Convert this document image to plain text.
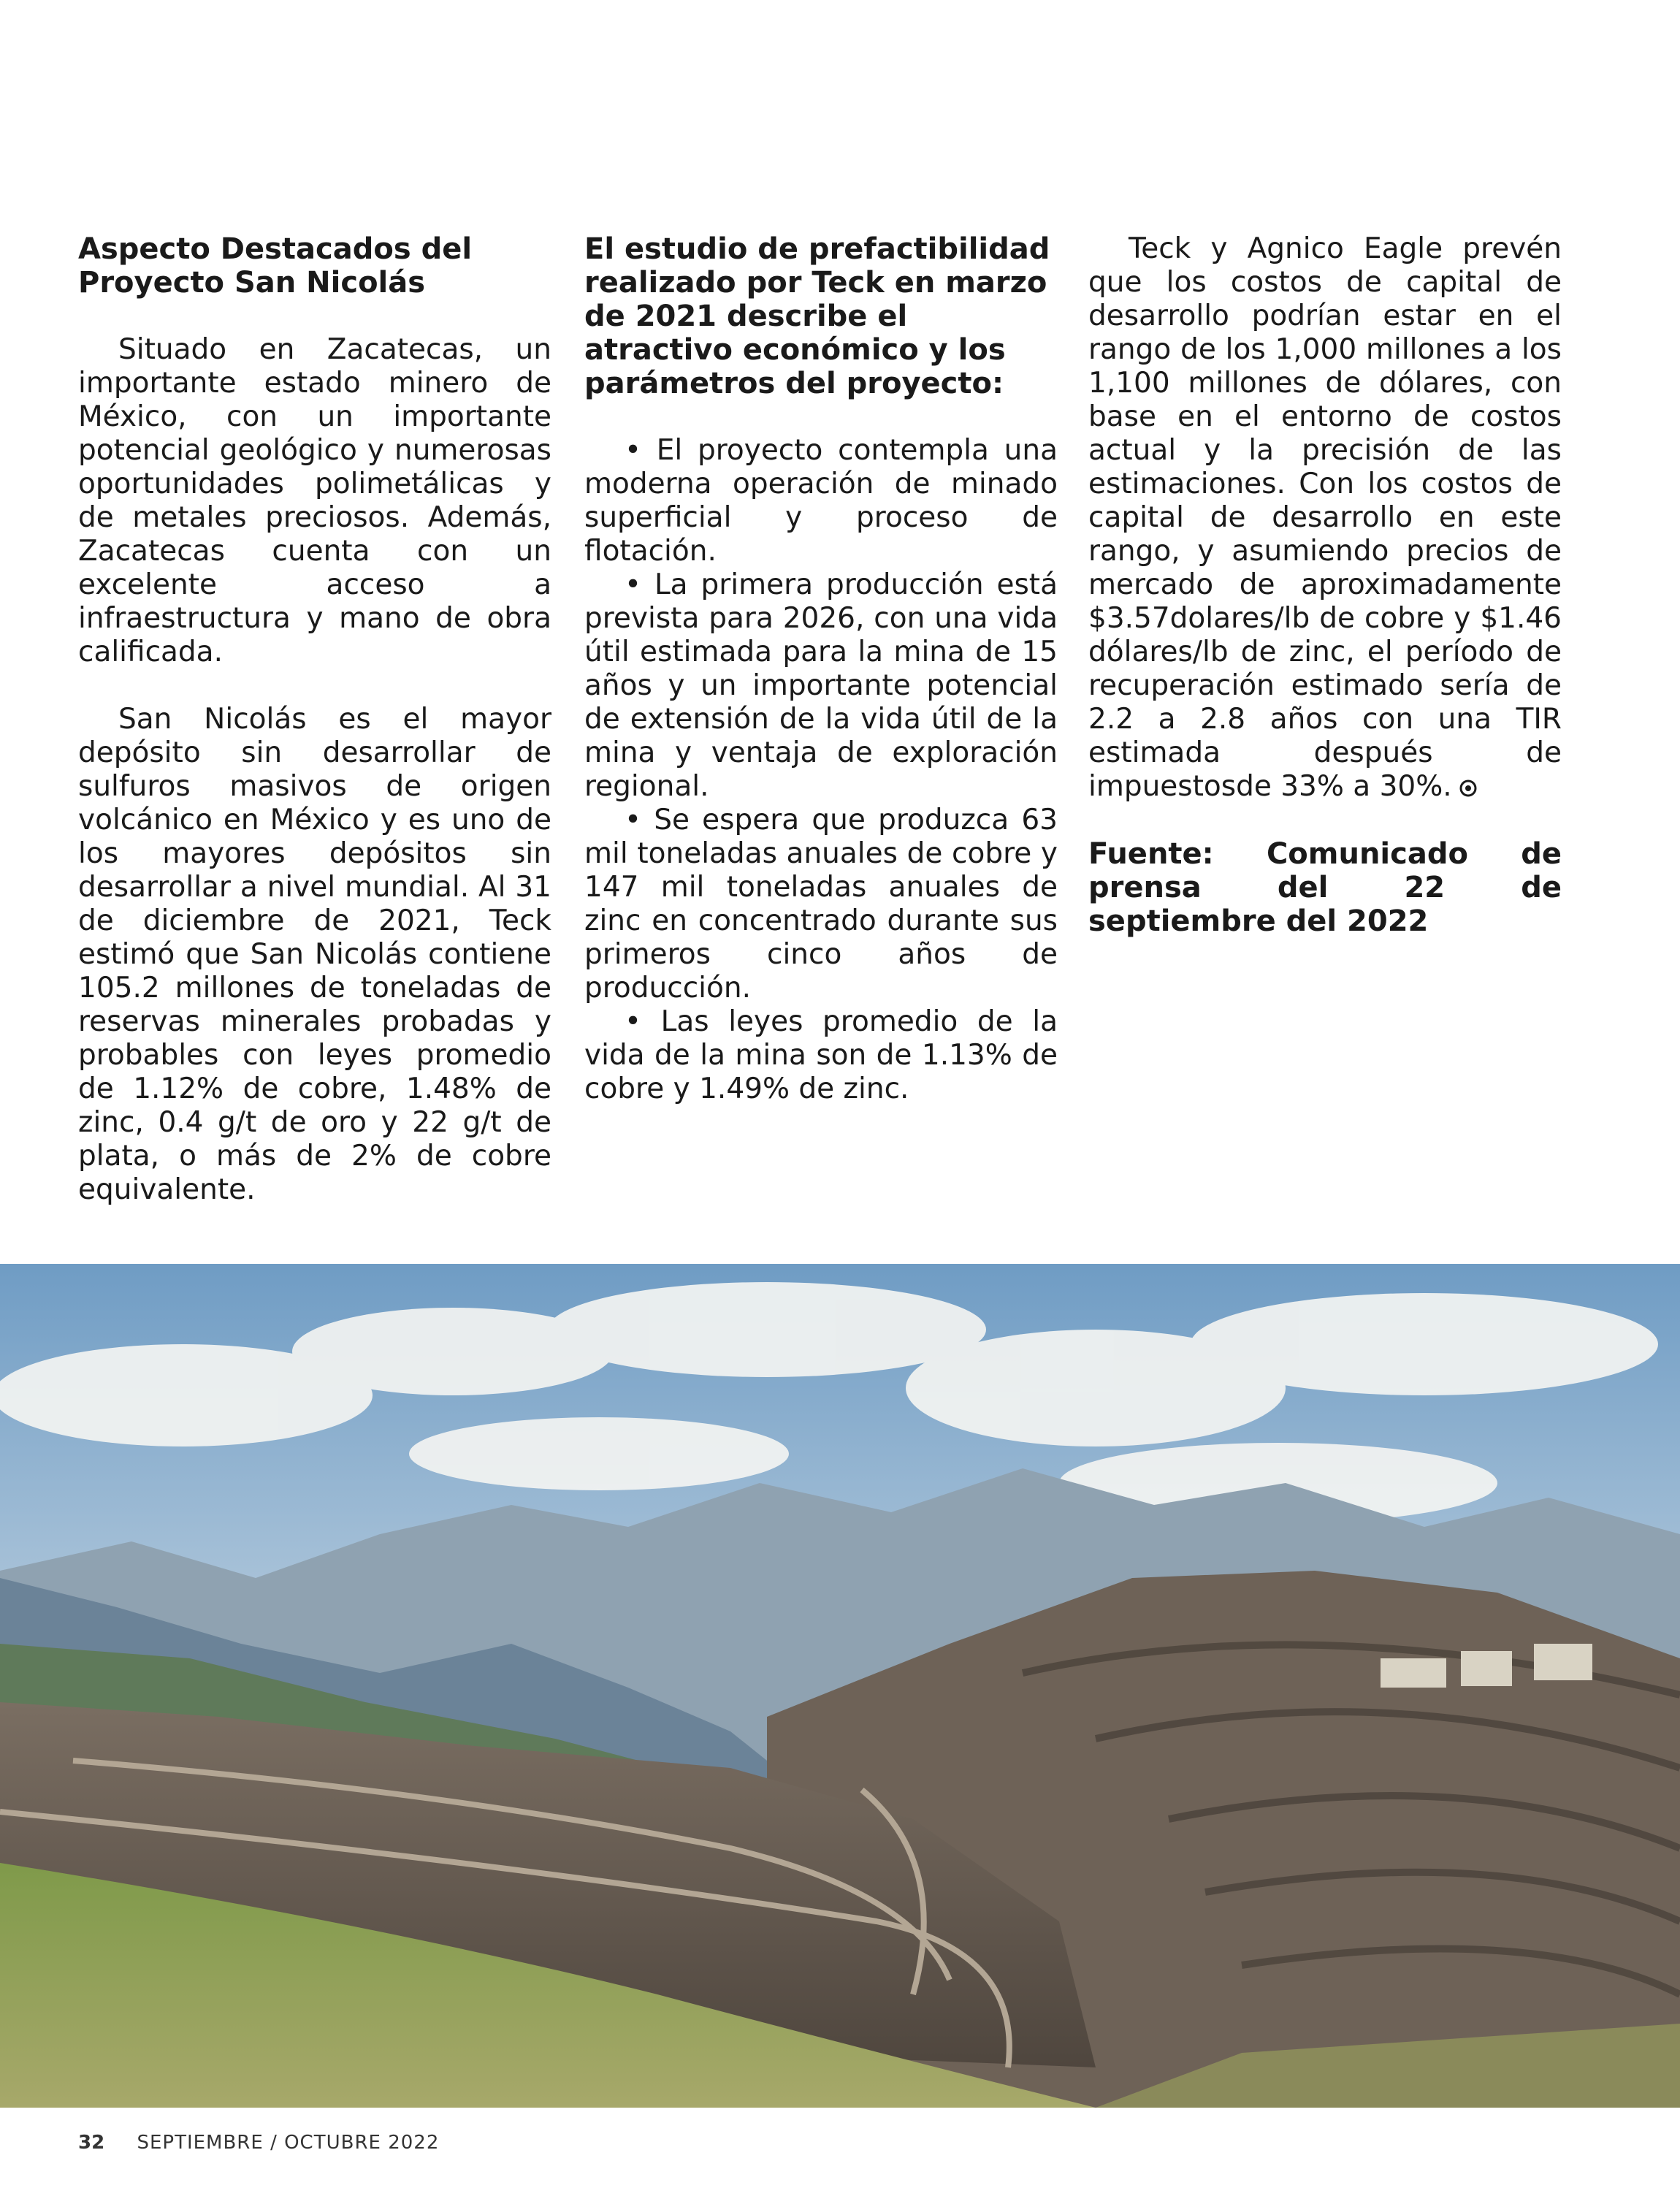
Aspecto Destacados del Proyecto San Nicolás

Situado en Zacatecas, un importante estado minero de México, con un importante potencial geológico y numerosas oportunidades polimetálicas y de metales preciosos. Además, Zacatecas cuenta con un excelente acceso a infraestructura y mano de obra calificada.

San Nicolás es el mayor depósito sin desarrollar de sulfuros masivos de origen volcánico en México y es uno de los mayores depósitos sin desarrollar a nivel mundial. Al 31 de diciembre de 2021, Teck estimó que San Nicolás contiene 105.2 millones de toneladas de reservas minerales probadas y probables con leyes promedio de 1.12% de cobre, 1.48% de zinc, 0.4 g/t de oro y 22 g/t de plata, o más de 2% de cobre equivalente.

El estudio de prefactibilidad realizado por Teck en marzo de 2021 describe el atractivo económico y los parámetros del proyecto:
• El proyecto contempla una moderna operación de minado superficial y proceso de flotación.
• La primera producción está prevista para 2026, con una vida útil estimada para la mina de 15 años y un importante potencial de extensión de la vida útil de la mina y ventaja de exploración regional.
• Se espera que produzca 63 mil toneladas anuales de cobre y 147 mil toneladas anuales de zinc en concentrado durante sus primeros cinco años de producción.
• Las leyes promedio de la vida de la mina son de 1.13% de cobre y 1.49% de zinc.

Teck y Agnico Eagle prevén que los costos de capital de desarrollo podrían estar en el rango de los 1,000 millones a los 1,100 millones de dólares, con base en el entorno de costos actual y la precisión de las estimaciones. Con los costos de capital de desarrollo en este rango, y asumiendo precios de mercado de aproximadamente $3.57dolares/lb de cobre y $1.46 dólares/lb de zinc, el período de recuperación estimado sería de 2.2 a 2.8 años con una TIR estimada después de impuestosde 33% a 30%.

Fuente: Comunicado de prensa del 22 de septiembre del 2022

32 SEPTIEMBRE / OCTUBRE 2022
